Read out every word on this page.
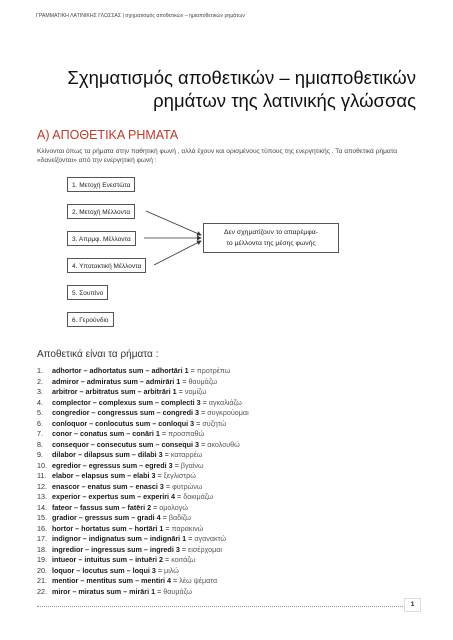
ΓΡΑΜΜΑΤΙΚΗ ΛΑΤΙΝΙΚΗΣ ΓΛΩΣΣΑΣ | σχηματισμός αποθετικών – ημιαποθετικών ρημάτων
Σχηματισμός αποθετικών – ημιαποθετικών
ρημάτων της λατινικής γλώσσας
Α) ΑΠΟΘΕΤΙΚΑ ΡΗΜΑΤΑ

Κλίνονται όπως τα ρήματα στην παθητική φωνή , αλλά έχουν και ορισμένους τύπους της ενεργητικής . Τα αποθετικά ρήματα «δανείζονται» από την ενεργητική φωνή :

1. Μετοχή Ενεστώτα
2. Μετοχή Μέλλοντα
3. Απρμφ. Μέλλοντα
4. Υποτακτική Μέλλοντα
5. Σουπίνο
6. Γερούνδιο
Δεν σχηματίζουν το απαρέμφα-
το μέλλοντα της μέσης φωνής
Αποθετικά είναι τα ρήματα :
1. adhortor – adhortatus sum – adhortāri 1 = προτρέπω
2. admiror – admiratus sum – admirāri 1 = θαυμάζω
3. arbitror – arbitratus sum – arbitrāri 1 = νομίζω
4. complector – complexus sum – complecti 3 = αγκαλιάζω
5. congredior – congressus sum – congredi 3 = συγκρούομαι
6. conloquor – conlocutus sum – conloqui 3 = συζητώ
7. conor – conatus sum – conāri 1 = προσπαθώ
8. consequor – consecutus sum – consequi 3 = ακολουθώ
9. dilabor – dilapsus sum – dilabi 3 = καταρρέω
10. egredior – egressus sum – egredi 3 = βγαίνω
11. elabor – elapsus sum – elabi 3 = ξεγλιστρώ
12. enascor – enatus sum – enasci 3 = φυτρώνω
13. experior – expertus sum – experiri 4 = δοκιμάζω
14. fateor – fassus sum – fatēri 2 = ομολογώ
15. gradior – gressus sum – gradi 4 = βαδίζω
16. hortor – hortatus sum – hortāri 1 = παρακινώ
17. indignor – indignatus sum – indignāri 1 = αγανακτώ
18. ingredior – ingressus sum – ingredi 3 = εισέρχομαι
19. intueor – intuitus sum – intuēri 2 = κοιτάζω
20. loquor – locutus sum – loqui 3 = μιλώ
21. mentior – mentitus sum – mentiri 4 = λέω ψέματα
22. miror – miratus sum – mirāri 1 = θαυμάζω
1
